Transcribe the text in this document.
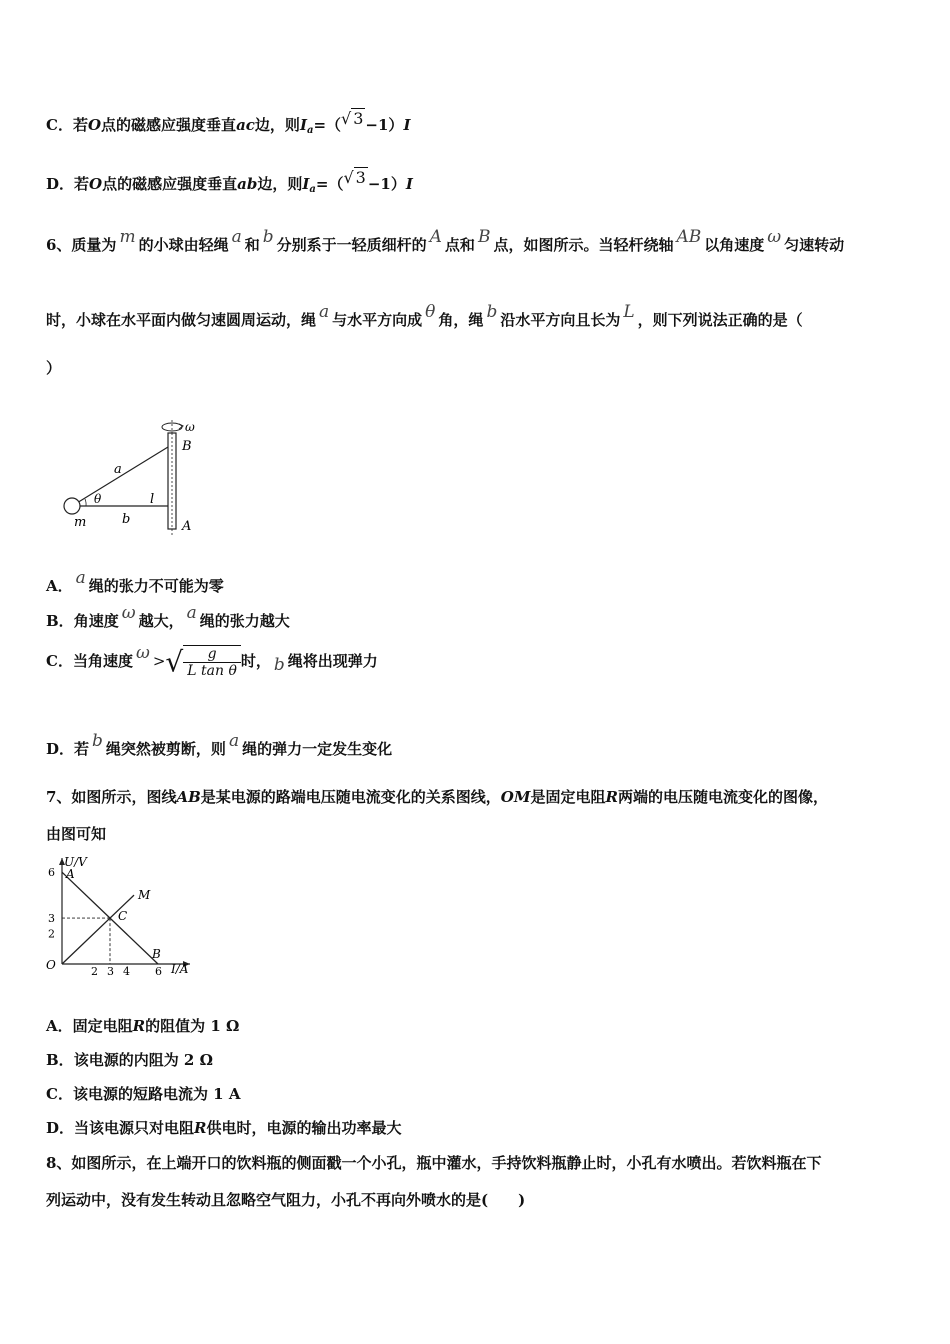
C．若O点的磁感应强度垂直ac边，则$I_a=(√$ 3 −1）I
D．若O点的磁感应强度垂直ab边，则$I_a=(√$ 3 −1）I
6、质量为 m 的小球由轻绳 a 和 b 分别系于一轻质细杆的 A 点和 B 点，如图所示。当轻杆绕轴 AB 以角速度 ω 匀速转动
时，小球在水平面内做匀速圆周运动，绳 a 与水平方向成 θ 角，绳 b 沿水平方向且长为 L ，则下列说法正确的是（
）
ω
B
A
a
θ	l
m	b
A． a 绳的张力不可能为零
B．角速度 ω 越大， a 绳的张力越大
C．当角速度 ω >√ $\frac{g}{\text{L tan θ}}$ 时， b 绳将出现弹力
D．若 b 绳突然被剪断，则 a 绳的弹力一定发生变化
7、如图所示，图线AB是某电源的路端电压随电流变化的关系图线，OM是固定电阻R两端的电压随电流变化的图像，
由图可知
U/V
I/A
O
A
B
M
C
2 3 4 6
6
3
2
A．固定电阻R的阻值为 1 Ω
B．该电源的内阻为 2 Ω
C．该电源的短路电流为 1 A
D．当该电源只对电阻R供电时，电源的输出功率最大
8、如图所示，在上端开口的饮料瓶的侧面戳一个小孔，瓶中灌水，手持饮料瓶静止时，小孔有水喷出。若饮料瓶在下
列运动中，没有发生转动且忽略空气阻力，小孔不再向外喷水的是(　　)
